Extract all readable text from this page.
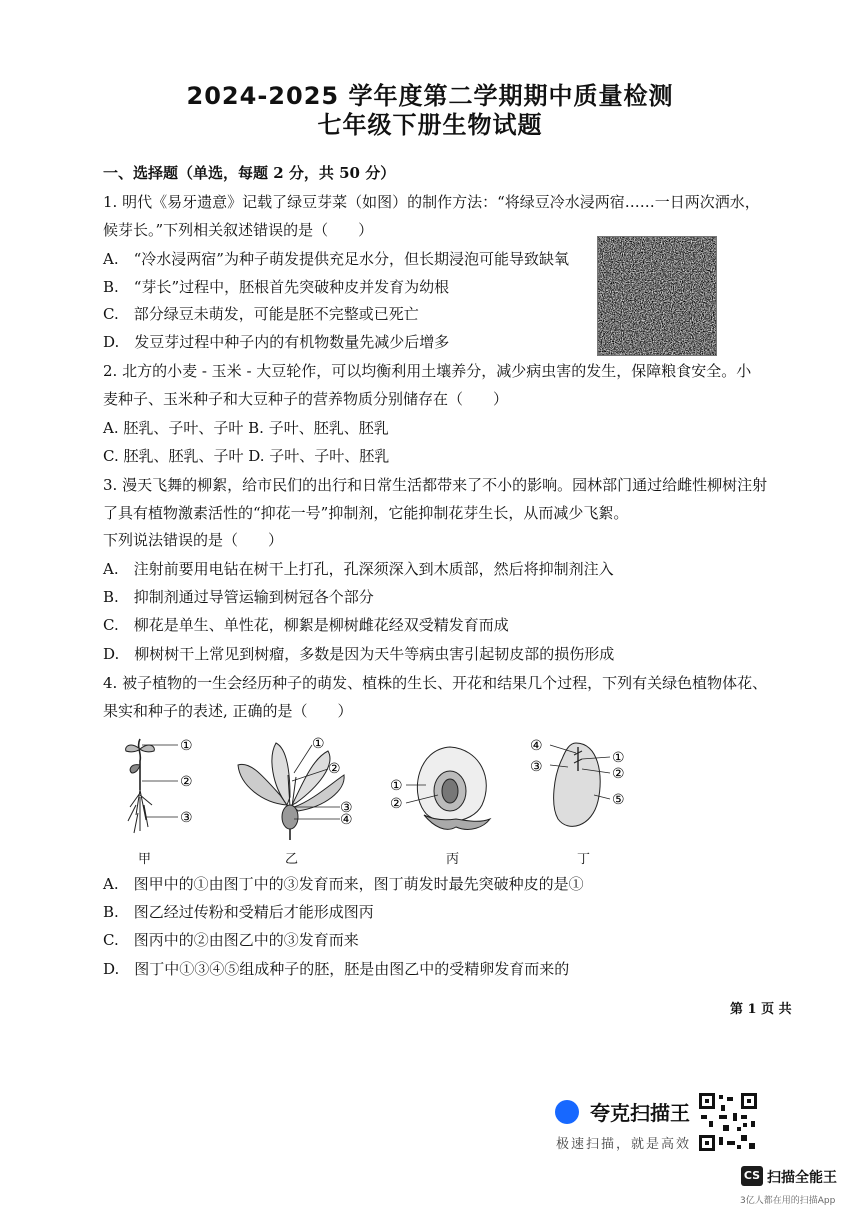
2024-2025 学年度第二学期期中质量检测
七年级下册生物试题
一、选择题（单选，每题 2 分，共 50 分）
1. 明代《易牙遗意》记载了绿豆芽菜（如图）的制作方法：“将绿豆冷水浸两宿……一日两次洒水，
候芽长。”下列相关叙述错误的是（　　）
A.　“冷水浸两宿”为种子萌发提供充足水分，但长期浸泡可能导致缺氧
B.　“芽长”过程中，胚根首先突破种皮并发育为幼根
C.　部分绿豆未萌发，可能是胚不完整或已死亡
D.　发豆芽过程中种子内的有机物数量先减少后增多
2. 北方的小麦 - 玉米 - 大豆轮作，可以均衡利用土壤养分，减少病虫害的发生，保障粮食安全。小
麦种子、玉米种子和大豆种子的营养物质分别储存在（　　）
A. 胚乳、子叶、子叶 B. 子叶、胚乳、胚乳
C. 胚乳、胚乳、子叶 D. 子叶、子叶、胚乳
3. 漫天飞舞的柳絮，给市民们的出行和日常生活都带来了不小的影响。园林部门通过给雌性柳树注射
了具有植物激素活性的“抑花一号”抑制剂，它能抑制花芽生长，从而减少飞絮。
下列说法错误的是（　　）
A.　注射前要用电钻在树干上打孔，孔深须深入到木质部，然后将抑制剂注入
B.　抑制剂通过导管运输到树冠各个部分
C.　柳花是单生、单性花，柳絮是柳树雌花经双受精发育而成
D.　柳树树干上常见到树瘤，多数是因为天牛等病虫害引起韧皮部的损伤形成
4. 被子植物的一生会经历种子的萌发、植株的生长、开花和结果几个过程，下列有关绿色植物体花、
果实和种子的表述, 正确的是（　　）
①
②
③
①
②
③
④
①
②
④
③
①
②
⑤
甲	乙	丙	丁
A.　图甲中的①由图丁中的③发育而来，图丁萌发时最先突破种皮的是①
B.　图乙经过传粉和受精后才能形成图丙
C.　图丙中的②由图乙中的③发育而来
D.　图丁中①③④⑤组成种子的胚，胚是由图乙中的受精卵发育而来的
第 1 页 共
夸克扫描王
极速扫描，就是高效
CS 扫描全能王
3亿人都在用的扫描App
